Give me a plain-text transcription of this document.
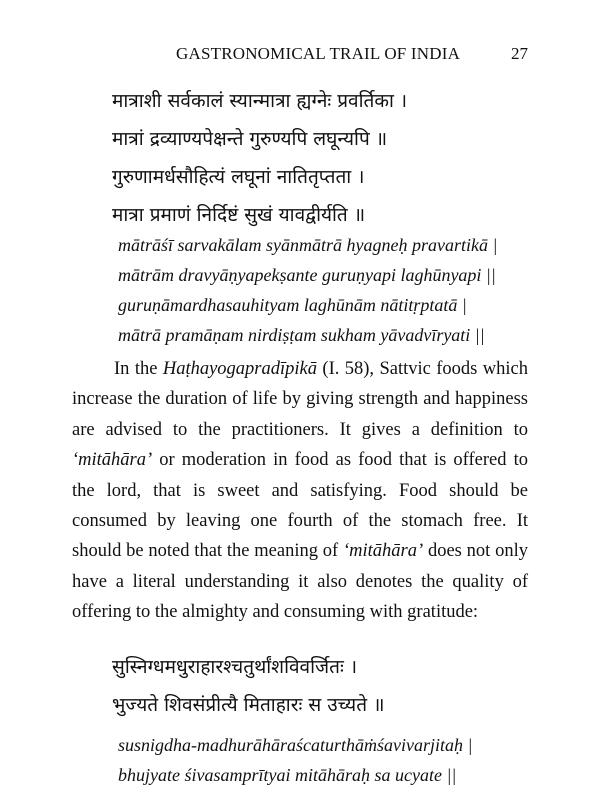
GASTRONOMICAL TRAIL OF INDIA	27
मात्राशी सर्वकालं स्यान्मात्रा ह्यग्नेः प्रवर्तिका ।
मात्रां द्रव्याण्यपेक्षन्ते गुरुण्यपि लघून्यपि ॥
गुरुणामर्धसौहित्यं लघूनां नातितृप्तता ।
मात्रा प्रमाणं निर्दिष्टं सुखं यावद्वीर्यति ॥
mātrāśī sarvakālam syānmātrā hyagneḥ pravartikā |
mātrām dravyāṇyapekṣante guruṇyapi laghūnyapi ||
guruṇāmardhasauhityam laghūnām nātitṛptatā |
mātrā pramāṇam nirdiṣṭam sukham yāvadvīryati ||

In the Haṭhayogapradīpikā (I. 58), Sattvic foods which increase the duration of life by giving strength and happiness are advised to the practitioners. It gives a definition to ‘mitāhāra’ or moderation in food as food that is offered to the lord, that is sweet and satisfying. Food should be consumed by leaving one fourth of the stomach free. It should be noted that the meaning of ‘mitāhāra’ does not only have a literal understanding it also denotes the quality of offering to the almighty and consuming with gratitude:

सुस्निग्धमधुराहारश्चतुर्थांशविवर्जितः ।
भुज्यते शिवसंप्रीत्यै मिताहारः स उच्यते ॥
susnigdha-madhurāhāraścaturthāṁśavivarjitaḥ |
bhujyate śivasamprītyai mitāhāraḥ sa ucyate ||
